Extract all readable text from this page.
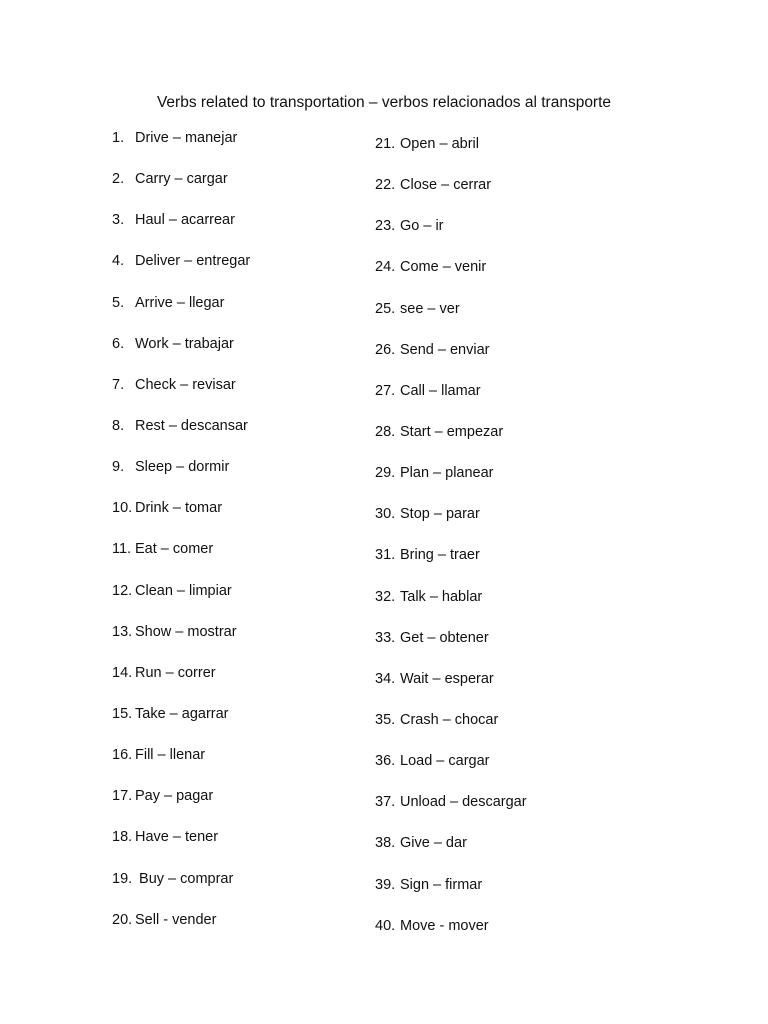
Verbs related to transportation – verbos relacionados al transporte
1. Drive – manejar
2. Carry – cargar
3. Haul – acarrear
4. Deliver – entregar
5. Arrive – llegar
6. Work – trabajar
7. Check – revisar
8. Rest – descansar
9. Sleep – dormir
10. Drink – tomar
11. Eat – comer
12. Clean – limpiar
13. Show – mostrar
14. Run – correr
15. Take – agarrar
16. Fill – llenar
17. Pay – pagar
18. Have – tener
19. Buy – comprar
20. Sell - vender
21. Open – abril
22. Close – cerrar
23. Go – ir
24. Come – venir
25. see – ver
26. Send – enviar
27. Call – llamar
28. Start – empezar
29. Plan – planear
30. Stop – parar
31. Bring – traer
32. Talk – hablar
33. Get – obtener
34. Wait – esperar
35. Crash – chocar
36. Load – cargar
37. Unload – descargar
38. Give – dar
39. Sign – firmar
40. Move - mover
